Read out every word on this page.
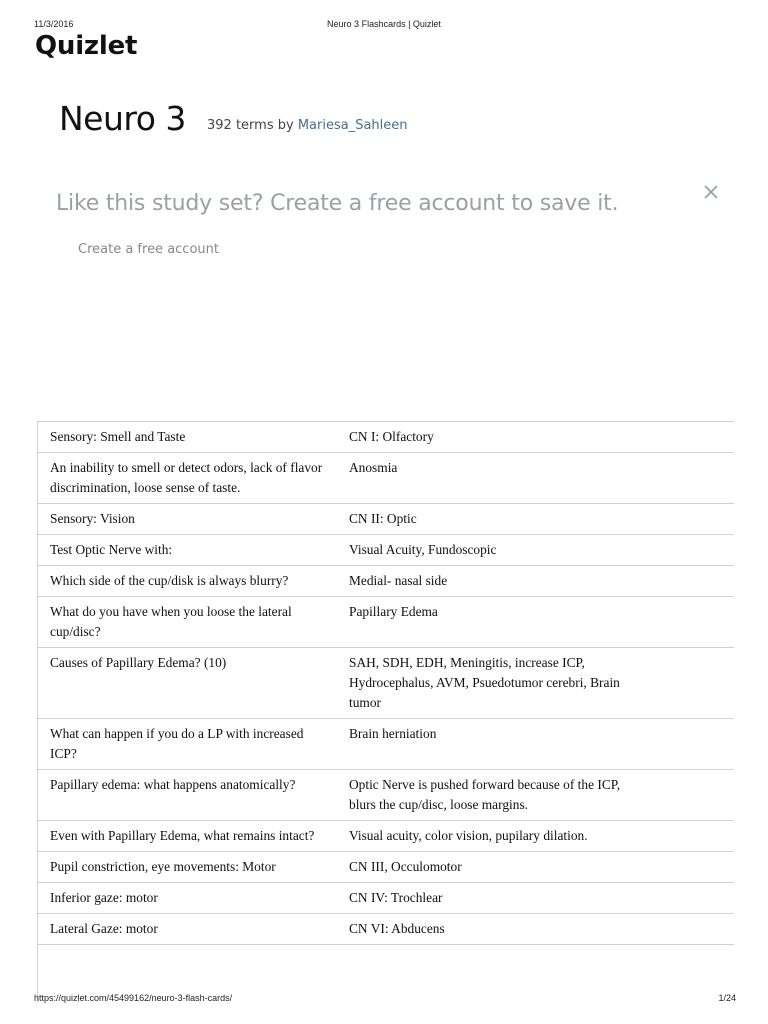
11/3/2016	Neuro 3 Flashcards | Quizlet
Quizlet
Neuro 3 392 terms by Mariesa_Sahleen
Like this study set? Create a free account to save it.
Create a free account
Sensory: Smell and Taste	CN I: Olfactory

An inability to smell or detect odors, lack of flavor discrimination, loose sense of taste.	Anosmia

Sensory: Vision	CN II: Optic

Test Optic Nerve with:	Visual Acuity, Fundoscopic

Which side of the cup/disk is always blurry?	Medial- nasal side

What do you have when you loose the lateral cup/disc?	Papillary Edema

Causes of Papillary Edema? (10)	SAH, SDH, EDH, Meningitis, increase ICP, Hydrocephalus, AVM, Psuedotumor cerebri, Brain tumor

What can happen if you do a LP with increased ICP?	Brain herniation

Papillary edema: what happens anatomically?	Optic Nerve is pushed forward because of the ICP, blurs the cup/disc, loose margins.

Even with Papillary Edema, what remains intact?	Visual acuity, color vision, pupilary dilation.

Pupil constriction, eye movements: Motor	CN III, Occulomotor

Inferior gaze: motor	CN IV: Trochlear

Lateral Gaze: motor	CN VI: Abducens
https://quizlet.com/45499162/neuro-3-flash-cards/	1/24
